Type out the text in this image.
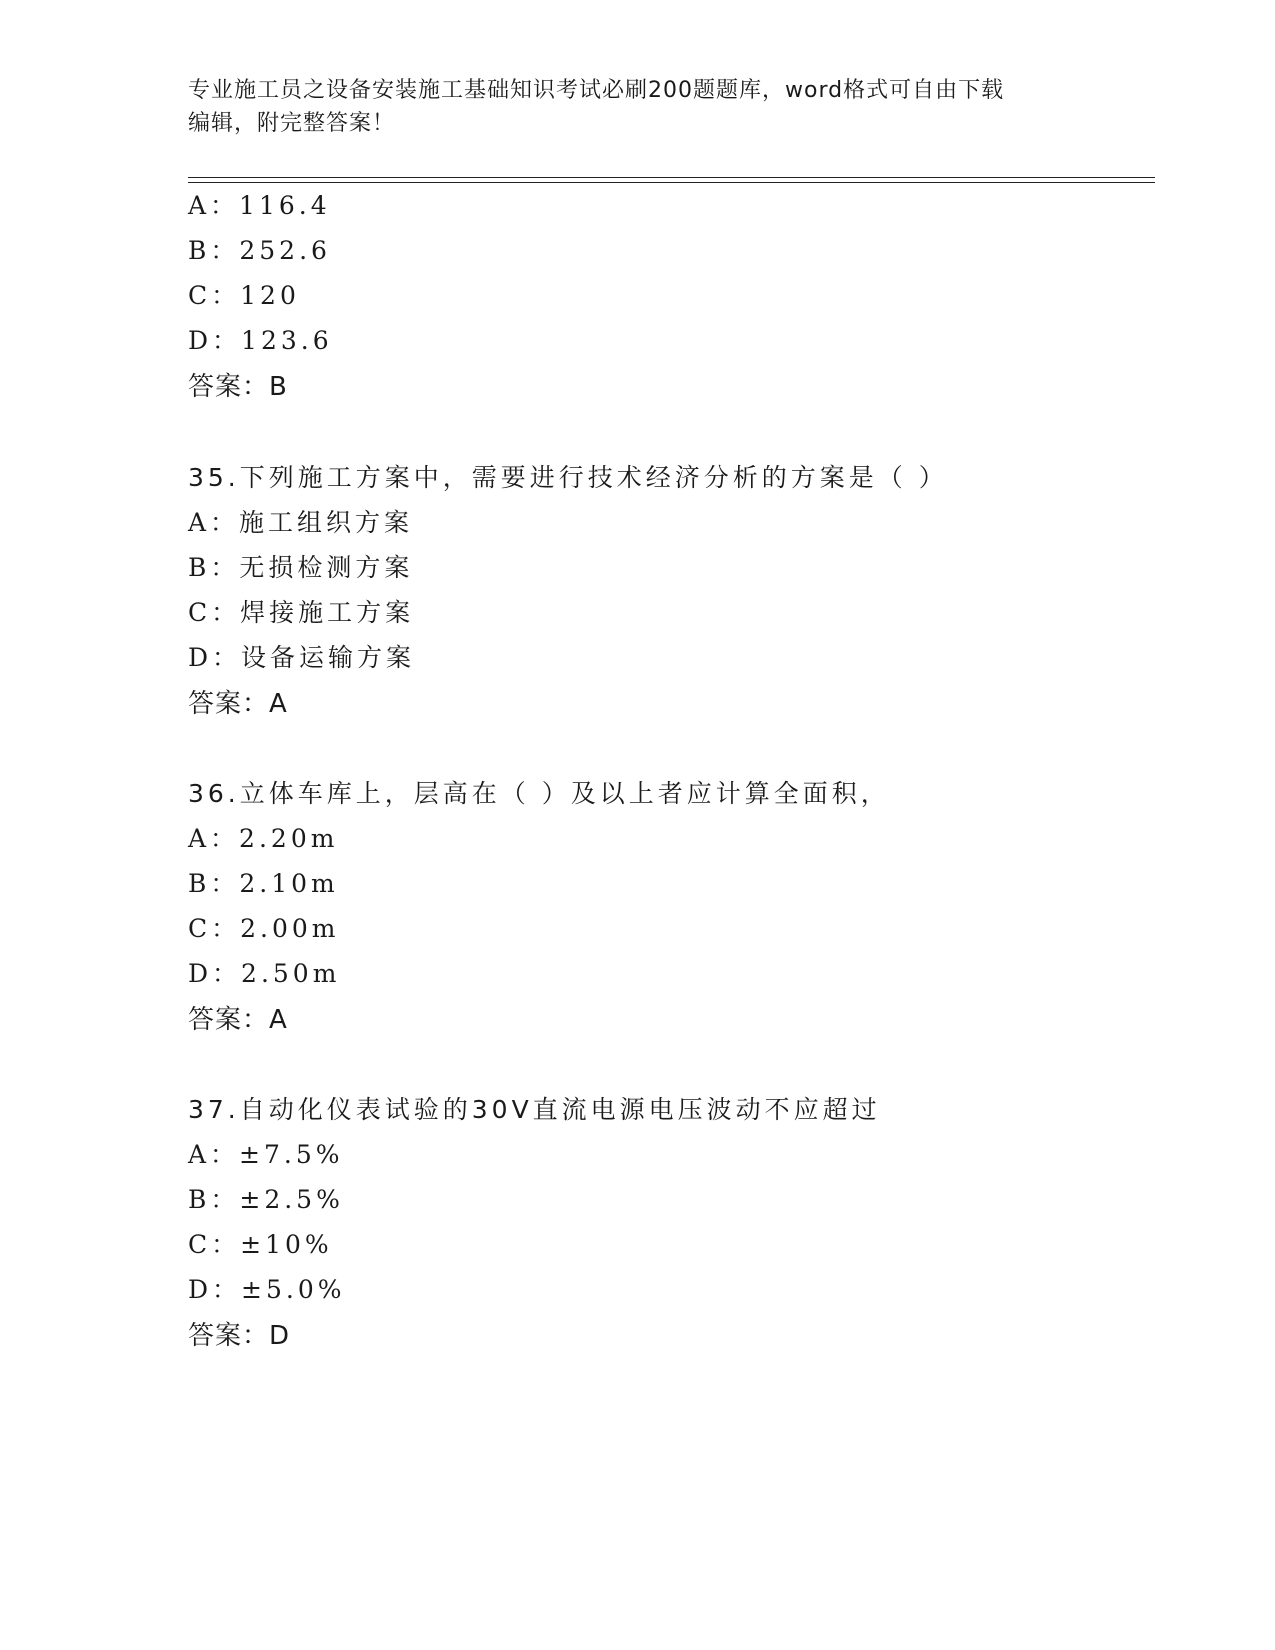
专业施工员之设备安装施工基础知识考试必刷200题题库，word格式可自由下载
编辑，附完整答案！
A：116.4
B：252.6
C：120
D：123.6
答案：B
35.下列施工方案中，需要进行技术经济分析的方案是（ ）
A：施工组织方案
B：无损检测方案
C：焊接施工方案
D：设备运输方案
答案：A
36.立体车库上，层高在（ ）及以上者应计算全面积，
A：2.20m
B：2.10m
C：2.00m
D：2.50m
答案：A
37.自动化仪表试验的30V直流电源电压波动不应超过
A：±7.5%
B：±2.5%
C：±10%
D：±5.0%
答案：D
